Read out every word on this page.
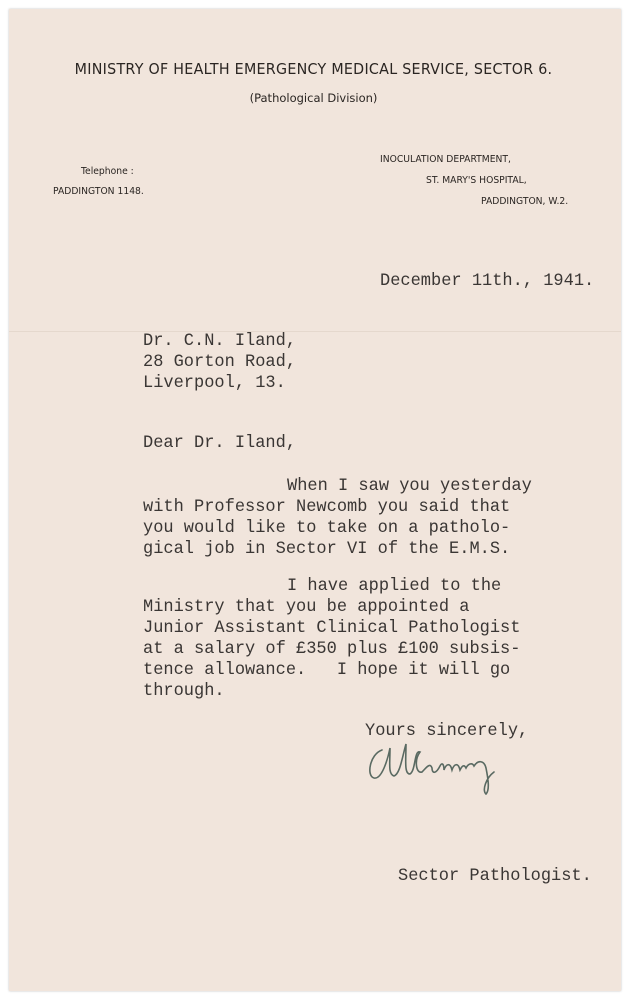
MINISTRY OF HEALTH EMERGENCY MEDICAL SERVICE, SECTOR 6.
(Pathological Division)
Telephone :
PADDINGTON 1148.
INOCULATION DEPARTMENT,
ST. MARY'S HOSPITAL,
PADDINGTON, W.2.
December 11th., 1941.
Dr. C.N. Iland,
28 Gorton Road,
Liverpool, 13.
Dear Dr. Iland,
When I saw you yesterday
with Professor Newcomb you said that
you would like to take on a patholo-
gical job in Sector VI of the E.M.S.
I have applied to the
Ministry that you be appointed a
Junior Assistant Clinical Pathologist
at a salary of £350 plus £100 subsis-
tence allowance.   I hope it will go
through.
Yours sincerely,
Sector Pathologist.
